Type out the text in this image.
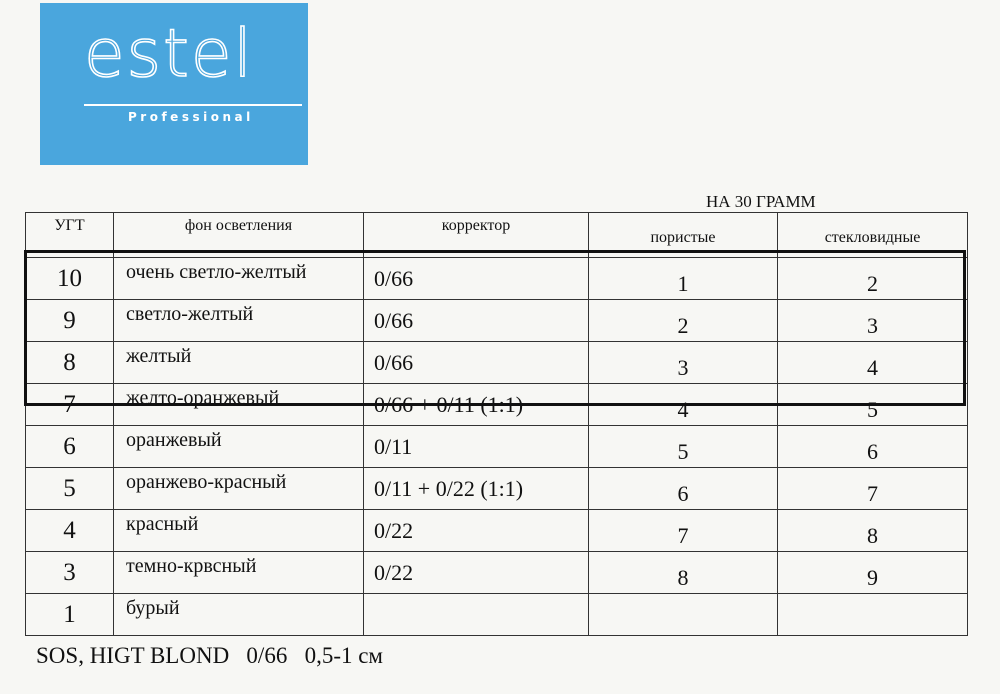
estel
Professional
НА 30 ГРАММ
УГТ	фон осветления	корректор	пористые	стекловидные
10	очень светло-желтый	0/66	1	2
9	светло-желтый	0/66	2	3
8	желтый	0/66	3	4
7	желто-оранжевый	0/66 + 0/11 (1:1)	4	5
6	оранжевый	0/11	5	6
5	оранжево-красный	0/11 + 0/22 (1:1)	6	7
4	красный	0/22	7	8
3	темно-крвсный	0/22	8	9
1	бурый			
SOS, HIGT BLOND   0/66   0,5-1 см
